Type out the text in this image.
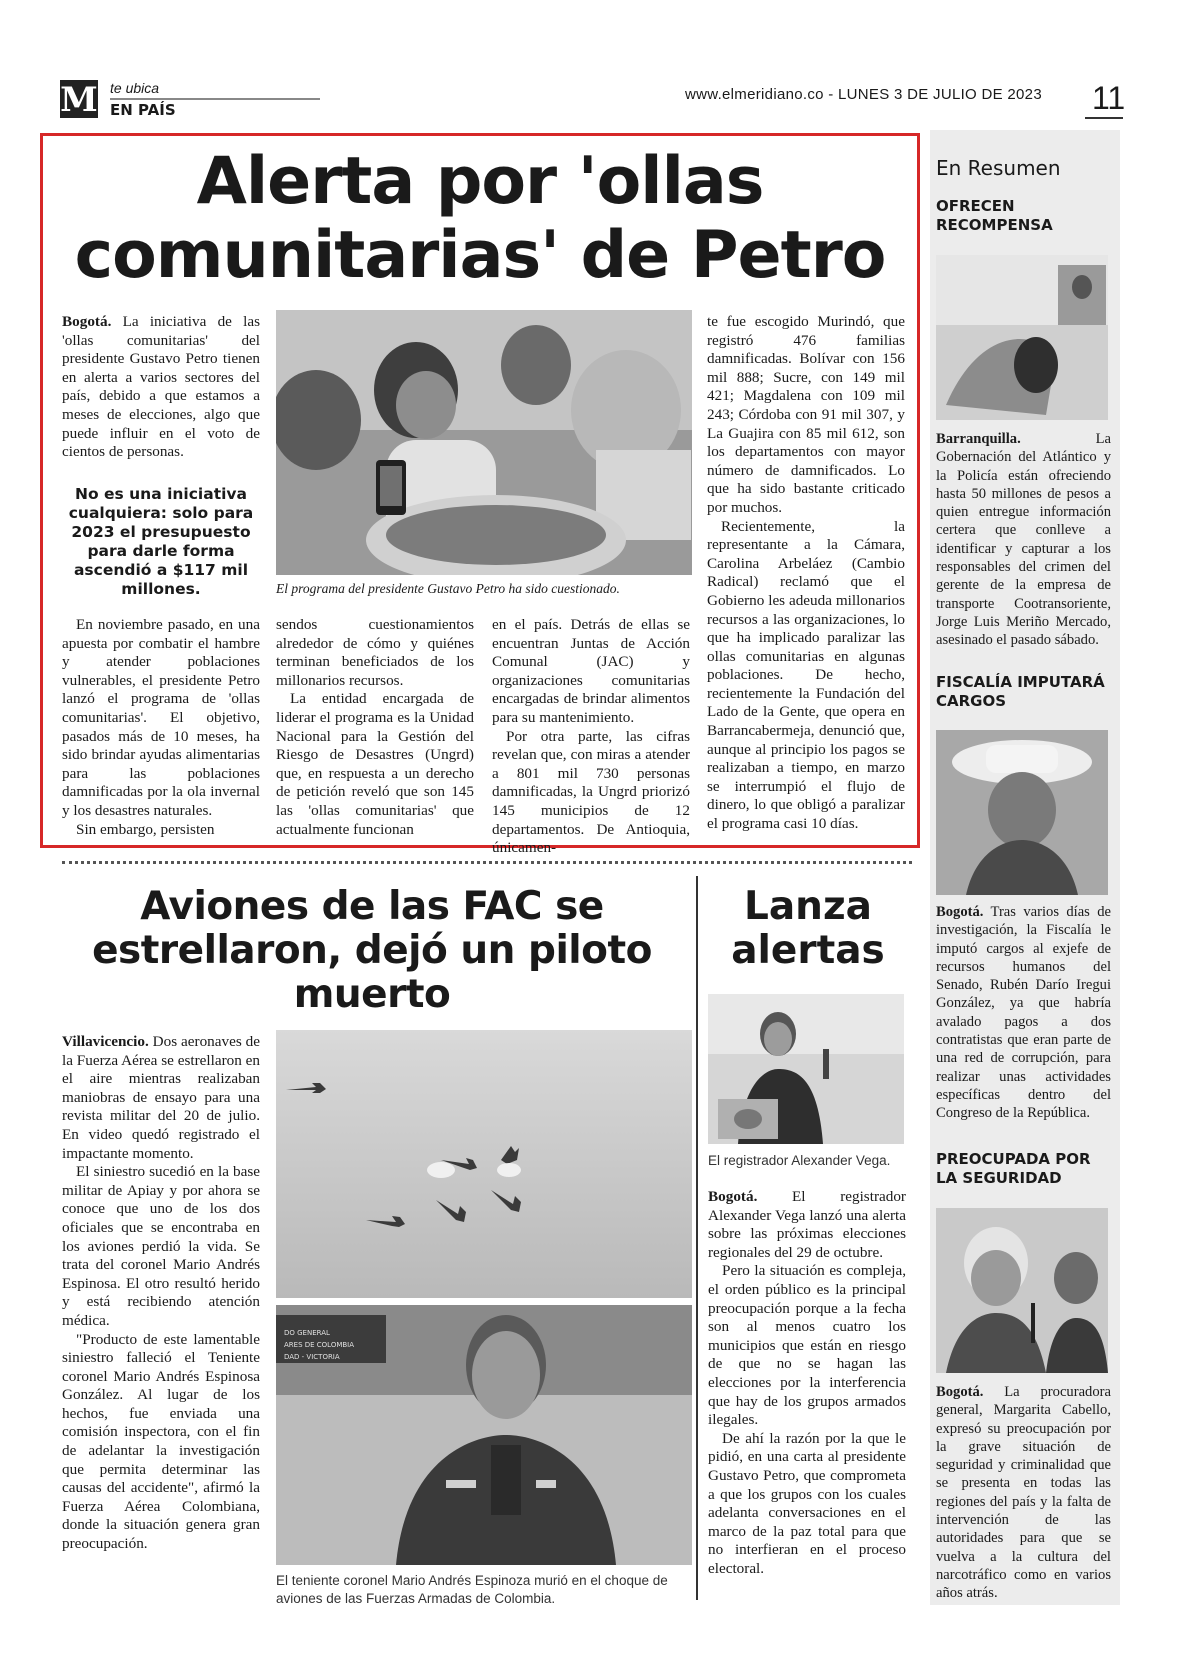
M te ubica
EN PAÍS
www.elmeridiano.co - LUNES 3 DE JULIO DE 2023 11
Alerta por 'ollas comunitarias' de Petro

Bogotá. La iniciativa de las 'ollas comunitarias' del presidente Gustavo Petro tienen en alerta a varios sectores del país, debido a que estamos a meses de elecciones, algo que puede influir en el voto de cientos de personas.

No es una iniciativa cualquiera: solo para 2023 el presupuesto para darle forma ascendió a $117 mil millones.	El programa del presidente Gustavo Petro ha sido cuestionado.

te fue escogido Murindó, que registró 476 familias damnificadas. Bolívar con 156 mil 888; Sucre, con 149 mil 421; Magdalena con 109 mil 243; Córdoba con 91 mil 307, y La Guajira con 85 mil 612, son los departamentos con mayor número de damnificados. Lo que ha sido bastante criticado por muchos.

Recientemente, la representante a la Cámara, Carolina Arbeláez (Cambio Radical) reclamó que el Gobierno les adeuda millonarios recursos a las organizaciones, lo que ha implicado paralizar las ollas comunitarias en algunas poblaciones. De hecho, recientemente la Fundación del Lado de la Gente, que opera en Barrancabermeja, denunció que, aunque al principio los pagos se realizaban a tiempo, en marzo se interrumpió el flujo de dinero, lo que obligó a paralizar el programa casi 10 días.

En noviembre pasado, en una apuesta por combatir el hambre y atender poblaciones vulnerables, el presidente Petro lanzó el programa de 'ollas comunitarias'. El objetivo, pasados más de 10 meses, ha sido brindar ayudas alimentarias para las poblaciones damnificadas por la ola invernal y los desastres naturales.

Sin embargo, persisten

sendos cuestionamientos alrededor de cómo y quiénes terminan beneficiados de los millonarios recursos.

La entidad encargada de liderar el programa es la Unidad Nacional para la Gestión del Riesgo de Desastres (Ungrd) que, en respuesta a un derecho de petición reveló que son 145 las 'ollas comunitarias' que actualmente funcionan

en el país. Detrás de ellas se encuentran Juntas de Acción Comunal (JAC) y organizaciones comunitarias encargadas de brindar alimentos para su mantenimiento.

Por otra parte, las cifras revelan que, con miras a atender a 801 mil 730 personas damnificadas, la Ungrd priorizó 145 municipios de 12 departamentos. De Antioquia, únicamen-

Aviones de las FAC se estrellaron, dejó un piloto muerto

Villavicencio. Dos aeronaves de la Fuerza Aérea se estrellaron en el aire mientras realizaban maniobras de ensayo para una revista militar del 20 de julio. En video quedó registrado el impactante momento.

El siniestro sucedió en la base militar de Apiay y por ahora se conoce que uno de los dos oficiales que se encontraba en los aviones perdió la vida. Se trata del coronel Mario Andrés Espinosa. El otro resultó herido y está recibiendo atención médica.

"Producto de este lamentable siniestro falleció el Teniente coronel Mario Andrés Espinosa González. Al lugar de los hechos, fue enviada una comisión inspectora, con el fin de adelantar la investigación que permita determinar las causas del accidente", afirmó la Fuerza Aérea Colombiana, donde la situación genera gran preocupación.

DO GENERAL
ARES DE COLOMBIA
DAD - VICTORIA
El teniente coronel Mario Andrés Espinoza murió en el choque de aviones de las Fuerzas Armadas de Colombia.
Lanza alertas
El registrador Alexander Vega.

Bogotá. El registrador Alexander Vega lanzó una alerta sobre las próximas elecciones regionales del 29 de octubre.

Pero la situación es compleja, el orden público es la principal preocupación porque a la fecha son al menos cuatro los municipios que están en riesgo de que no se hagan las elecciones por la interferencia que hay de los grupos armados ilegales.

De ahí la razón por la que le pidió, en una carta al presidente Gustavo Petro, que comprometa a que los grupos con los cuales adelanta conversaciones en el marco de la paz total para que no interfieran en el proceso electoral.

En Resumen
OFRECEN RECOMPENSA

Barranquilla.	La Gobernación del Atlántico y la Policía están ofreciendo hasta 50 millones de pesos a quien entregue información certera que conlleve a identificar y capturar a los responsables del crimen del gerente de la empresa de transporte Cootransoriente, Jorge Luis Meriño Mercado, asesinado el pasado sábado.

FISCALÍA IMPUTARÁ CARGOS

Bogotá. Tras varios días de investigación, la Fiscalía le imputó cargos al exjefe de recursos humanos del Senado, Rubén Darío Iregui González, ya que habría avalado pagos a dos contratistas que eran parte de una red de corrupción, para realizar unas actividades específicas dentro del Congreso de la República.

PREOCUPADA POR LA SEGURIDAD

Bogotá. La procuradora general, Margarita Cabello, expresó su preocupación por la grave situación de seguridad y criminalidad que se presenta en todas las regiones del país y la falta de intervención de las autoridades para que se vuelva a la cultura del narcotráfico como en varios años atrás.
